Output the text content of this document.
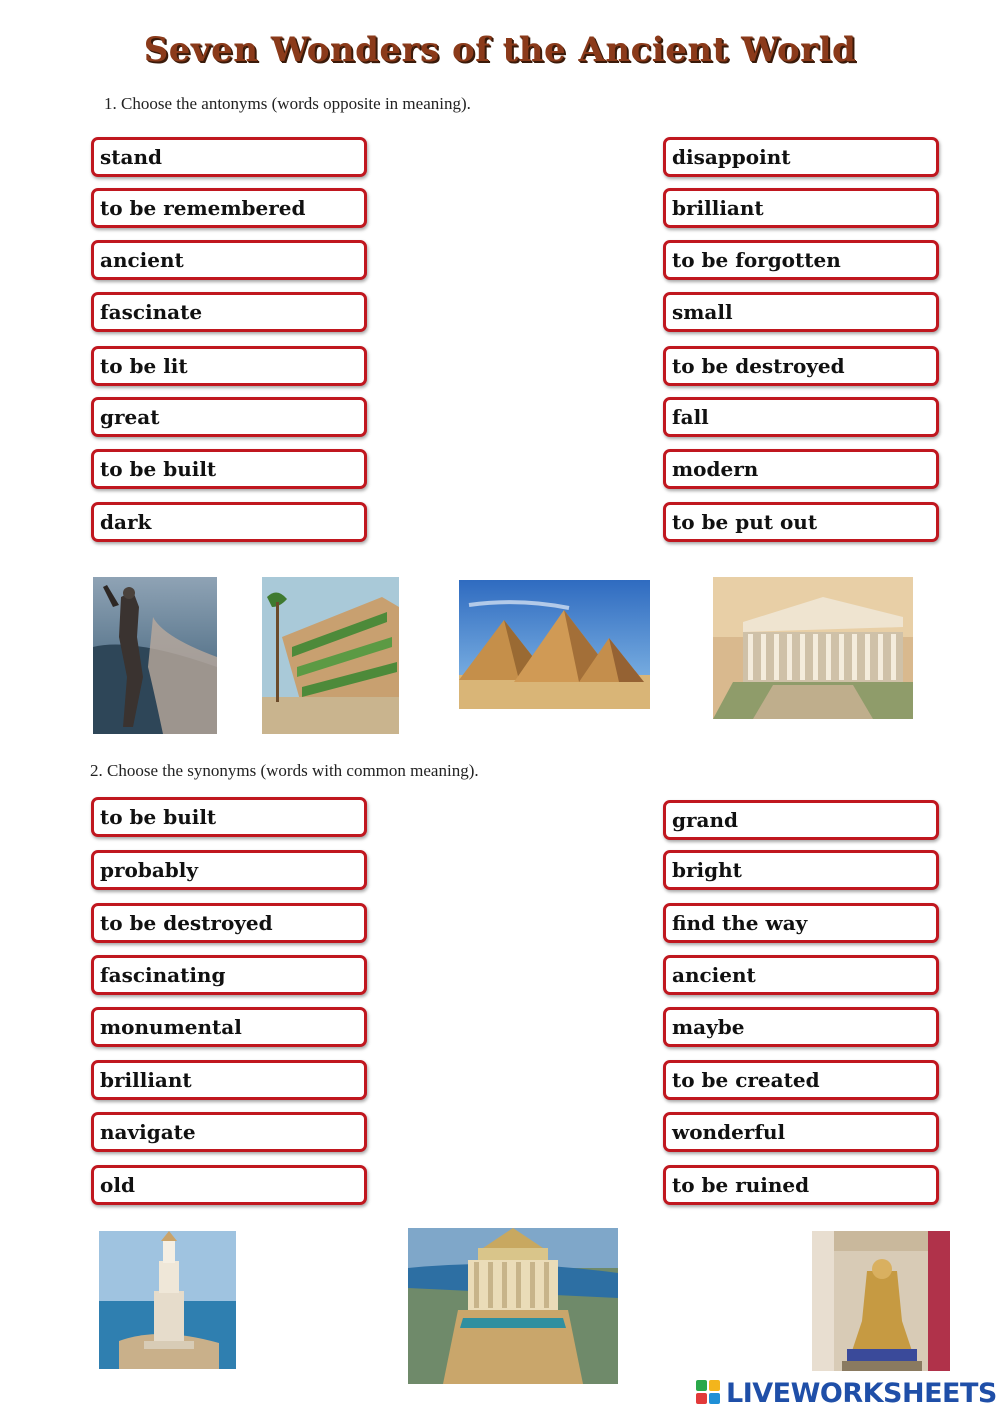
Seven Wonders of the Ancient World
1. Choose the antonyms (words opposite in meaning).
stand
to be remembered
ancient
fascinate
to be lit
great
to be built
dark
disappoint
brilliant
to be forgotten
small
to be destroyed
fall
modern
to be put out
2. Choose the synonyms (words with common meaning).
to be built
probably
to be destroyed
fascinating
monumental
brilliant
navigate
old
grand
bright
find the way
ancient
maybe
to be created
wonderful
to be ruined
LIVEWORKSHEETS
